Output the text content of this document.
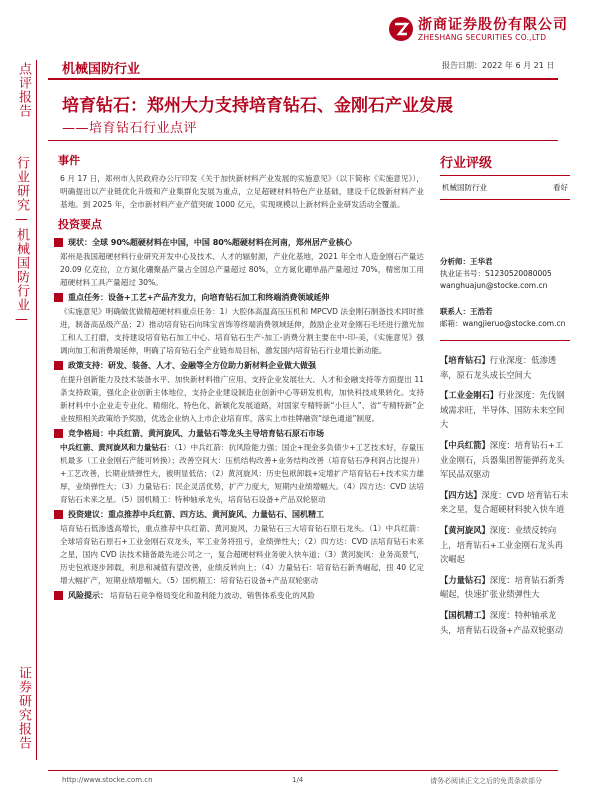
浙商证券股份有限公司
ZHESHANG SECURITIES CO.,LTD
机械国防行业	报告日期：2022 年 6 月 21 日
点评报告
行业研究—机械国防行业—
证券研究报告
培育钻石：郑州大力支持培育钻石、金刚石产业发展
——培育钻石行业点评
事件
6 月 17 日，郑州市人民政府办公厅印发《关于加快新材料产业发展的实施意见》（以下简称《实施意见》），明确提出以产业链优化升级和产业集群化发展为重点，立足超硬材料特色产业基础，建设千亿级新材料产业基地。到 2025 年，全市新材料产业产值突破 1000 亿元，实现规模以上新材料企业研发活动全覆盖。
投资要点
现状：全球 90%超硬材料在中国，中国 80%超硬材料在河南，郑州居产业核心
郑州是我国超硬材料行业研究开发中心及技术、人才的辐射源，产业化基地，2021 年全市人造金刚石产量达 20.09 亿克拉，立方氮化硼聚晶产量占全国总产量超过 80%，立方氮化硼单晶产量超过 70%，精密加工用超硬材料工具产量超过 30%。
重点任务：设备+工艺+产品齐发力，向培育钻石加工和终端消费领域延伸
《实施意见》明确做优做精超硬材料重点任务：1）大腔体高温高压压机和 MPCVD 法金刚石制备技术同时推进，制备高品级产品；2）推动培育钻石向珠宝首饰等终端消费领域延伸，鼓励企业对金刚石毛坯进行激光加工和人工打磨，支持建设培育钻石加工中心、培育钻石生产-加工-消费分割主要在中-印-美，《实施意见》强调向加工和消费端延伸，明确了培育钻石全产业链布局目标，激发国内培育钻石行业增长新动能。
政策支持：研发、装备、人才、金融等全方位助力新材料企业做大做强
在提升创新能力及技术装备水平、加快新材料推广应用、支持企业发展壮大、人才和金融支持等方面提出 11 条支持政策，强化企业创新主体地位，支持企业建设制造业创新中心等研发机构，加快科技成果转化。支持新材料中小企业走专业化、精细化、特色化、新颖化发展道路，对国家专精特新“小巨人”、省“专精特新”企业按照相关政策给予奖励，优选企业纳入上市企业培育库，落实上市挂牌融资“绿色通道”制度。
竞争格局：中兵红箭、黄河旋风、力量钻石等龙头主导培育钻石原石市场
中兵红箭、黄河旋风和力量钻石：（1）中兵红箭：抗风险能力强；国企+现金多负债少+工艺技术好，存量压机最多（工业金刚石产能可转换）；改善空间大：压机结构改善+业务结构改善（培育钻石净利润占比提升）+工艺改善，长期业绩弹性大，被明显低估；（2）黄河旋风：历史包袱卸载+定增扩产培育钻石+技术实力雄厚，业绩弹性大；（3）力量钻石：民企灵活优势，扩产力度大，短期内业绩增幅大。（4）四方达：CVD 法培育钻石未来之星。（5）国机精工：特种轴承龙头，培育钻石设备+产品双轮驱动
投资建议：重点推荐中兵红箭、四方达、黄河旋风、力量钻石、国机精工
培育钻石低渗透高增长，重点推荐中兵红箭、黄河旋风，力量钻石三大培育钻石原石龙头。（1）中兵红箭：全球培育钻石原石+工业金刚石双龙头，军工业务将扭亏，业绩弹性大；（2）四方达：CVD 法培育钻石未来之星，国内 CVD 法技术储备最先进公司之一，复合超硬材料业务驶入快车道；（3）黄河旋风：业务高景气，历史包袱逐步卸载，利息和减值有望改善，业绩反转向上；（4）力量钻石：培育钻石新秀崛起，扭 40 亿定增大幅扩产，短期业绩增幅大。（5）国机精工：培育钻石设备+产品双轮驱动
风险提示： 培育钻石竞争格局变化和盈利能力波动、销售体系变化的风险
行业评级
机械国防行业	看好
分析师：王华君
执业证书号：S1230520080005
wanghuajun@stocke.com.cn
联系人：王浩若
邮箱：wangjieruo@stocke.com.cn
【培育钻石】行业深度：低渗透率，原石龙头成长空间大
【工业金刚石】行业深度：先伐钢域需求旺，半导体、国防未来空间大
【中兵红箭】深度：培育钻石+工业金刚石，兵器集团智能弹药龙头军民品双驱动
【四方达】深度：CVD 培育钻石未来之星，复合超硬材料驶入快车道
【黄河旋风】深度：业绩反转向上，培育钻石+工业金刚石龙头再次崛起
【力量钻石】深度：培育钻石新秀崛起，快速扩张业绩弹性大
【国机精工】深度：特种轴承龙头，培育钻石设备+产品双轮驱动
http://www.stocke.com.cn	1/4	请务必阅读正文之后的免责条款部分
